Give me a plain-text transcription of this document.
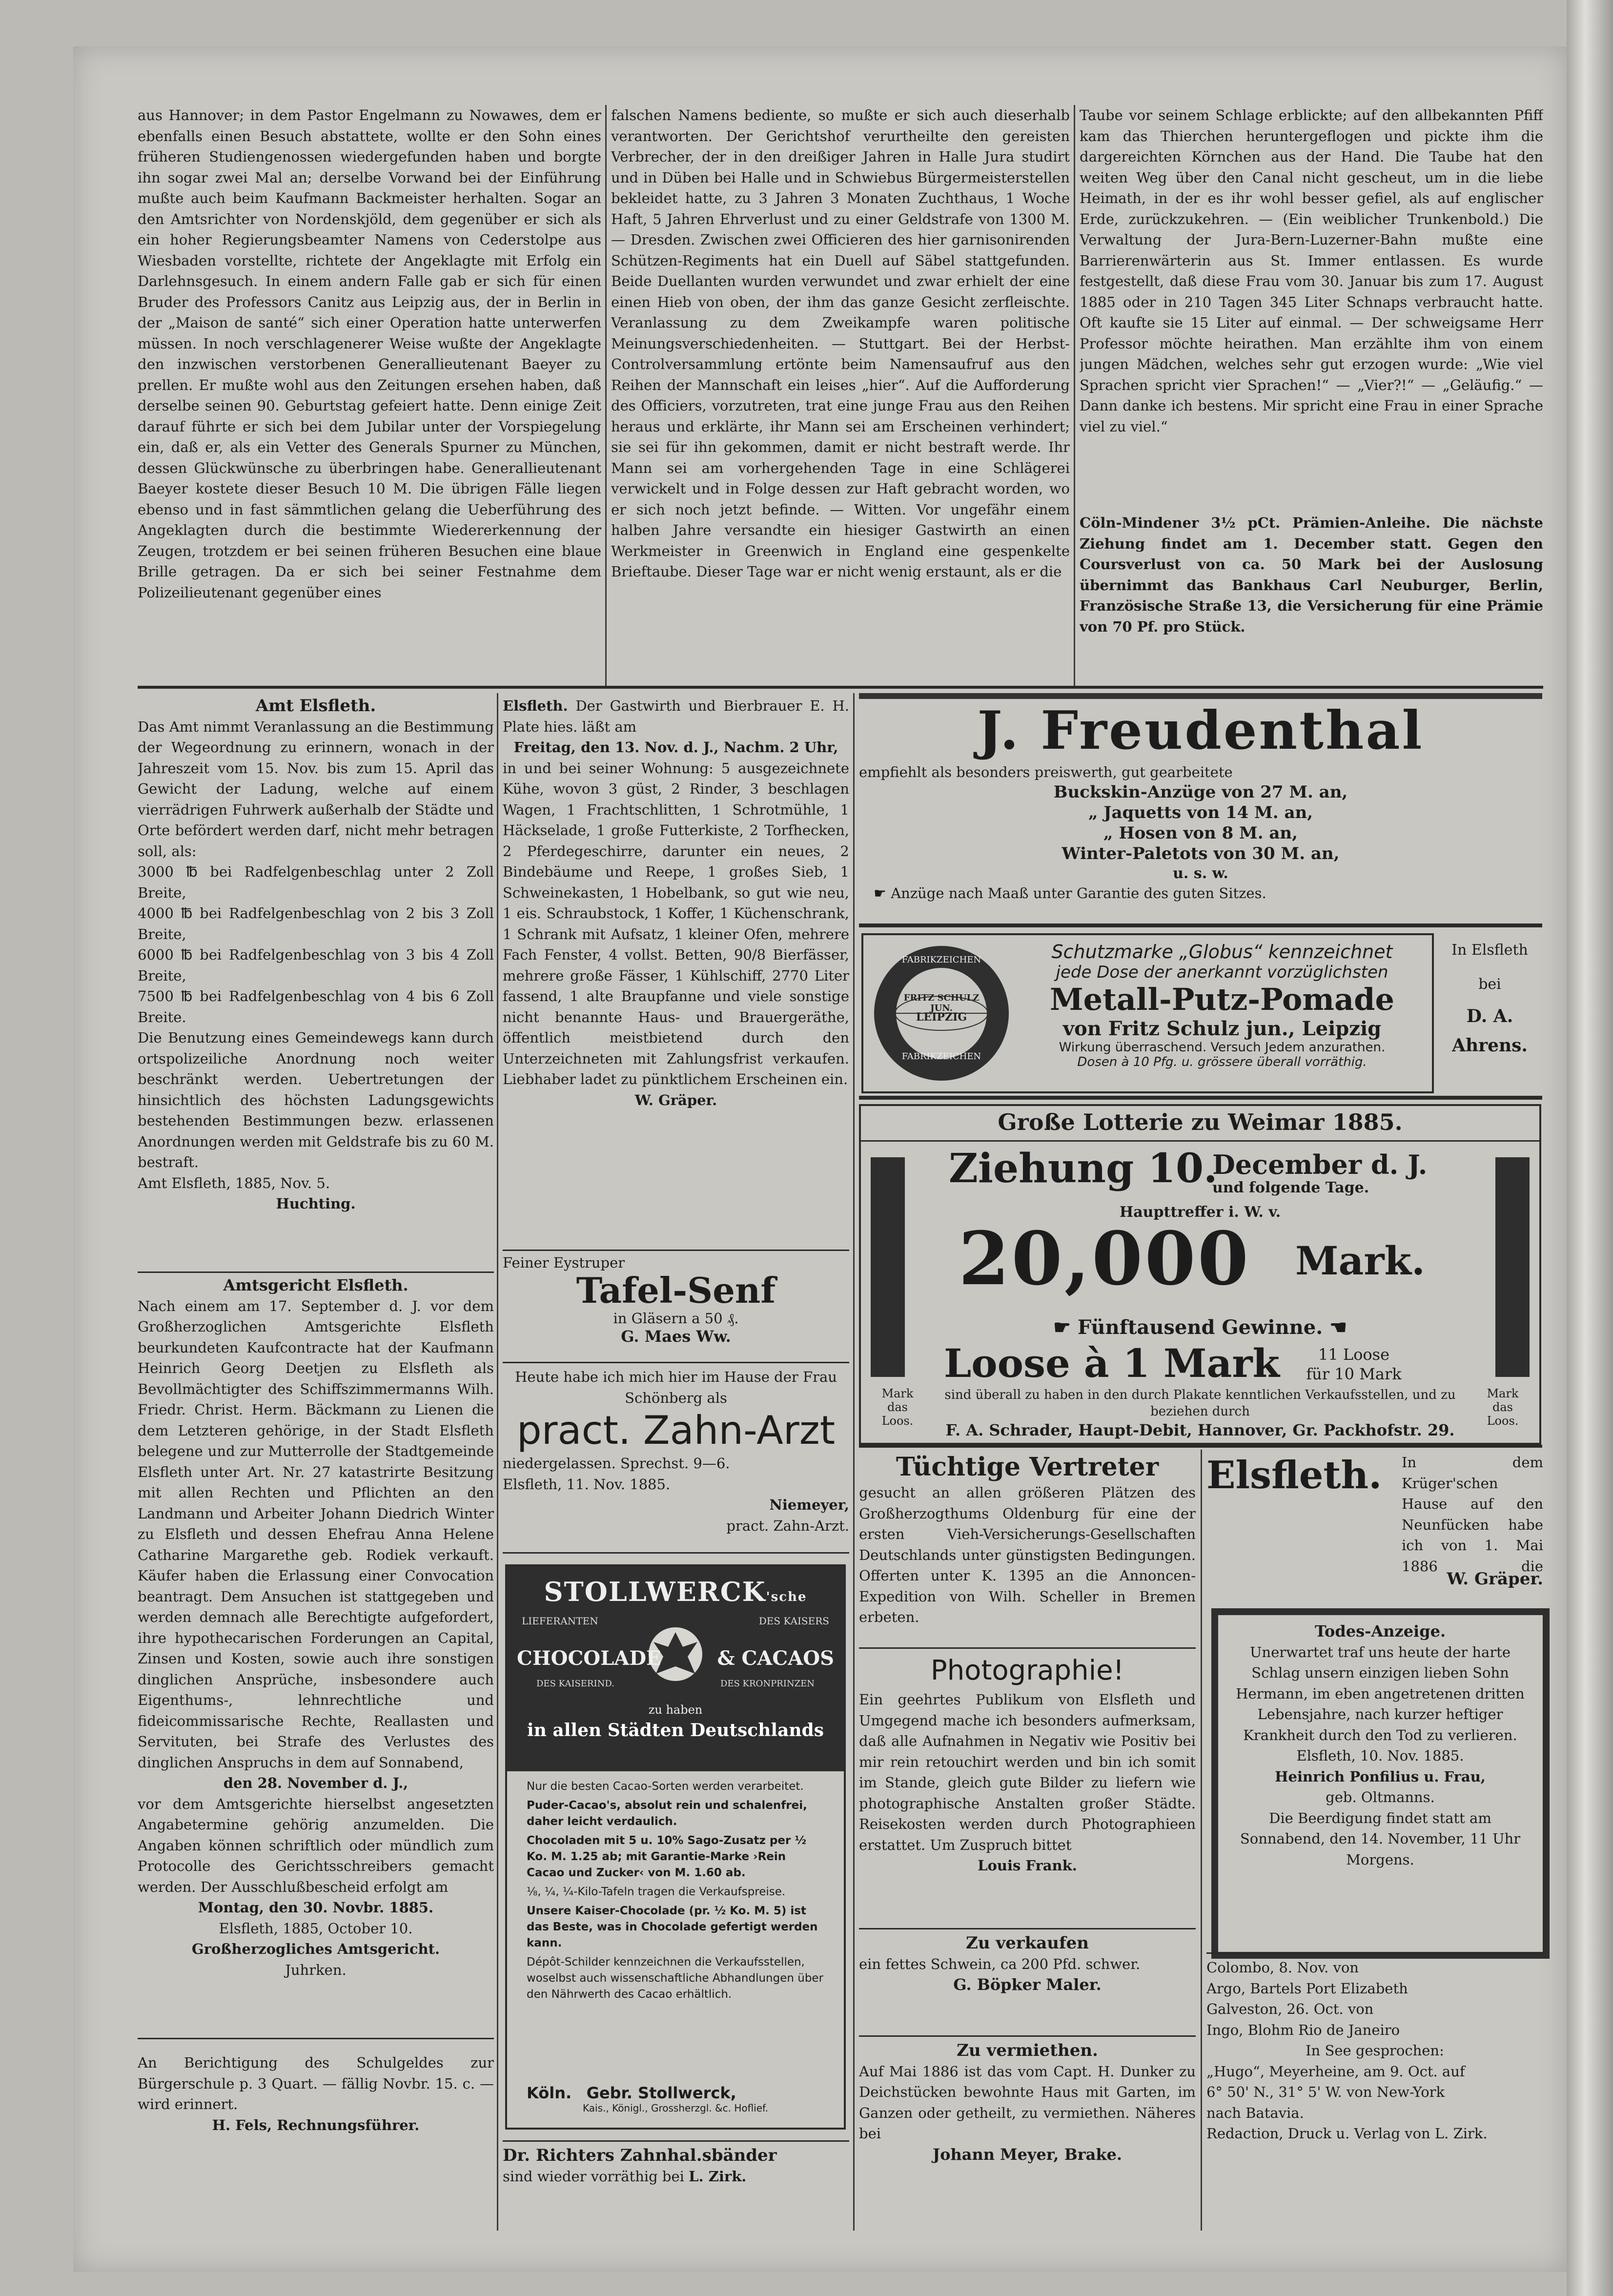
aus Hannover; in dem Pastor Engelmann zu Nowawes, dem er ebenfalls einen Besuch abstattete, wollte er den Sohn eines früheren Studiengenossen wiedergefunden haben und borgte ihn sogar zwei Mal an; derselbe Vorwand bei der Einführung mußte auch beim Kaufmann Backmeister herhalten. Sogar an den Amtsrichter von Nordenskjöld, dem gegenüber er sich als ein hoher Regierungsbeamter Namens von Cederstolpe aus Wiesbaden vorstellte, richtete der Angeklagte mit Erfolg ein Darlehnsgesuch. In einem andern Falle gab er sich für einen Bruder des Professors Canitz aus Leipzig aus, der in Berlin in der „Maison de santé“ sich einer Operation hatte unterwerfen müssen. In noch verschlagenerer Weise wußte der Angeklagte den inzwischen verstorbenen Generallieutenant Baeyer zu prellen. Er mußte wohl aus den Zeitungen ersehen haben, daß derselbe seinen 90. Geburtstag gefeiert hatte. Denn einige Zeit darauf führte er sich bei dem Jubilar unter der Vorspiegelung ein, daß er, als ein Vetter des Generals Spurner zu München, dessen Glückwünsche zu überbringen habe. Generallieutenant Baeyer kostete dieser Besuch 10 M. Die übrigen Fälle liegen ebenso und in fast sämmtlichen gelang die Ueberführung des Angeklagten durch die bestimmte Wiedererkennung der Zeugen, trotzdem er bei seinen früheren Besuchen eine blaue Brille getragen. Da er sich bei seiner Festnahme dem Polizeilieutenant gegenüber eines

falschen Namens bediente, so mußte er sich auch dieserhalb verantworten. Der Gerichtshof verurtheilte den gereisten Verbrecher, der in den dreißiger Jahren in Halle Jura studirt und in Düben bei Halle und in Schwiebus Bürgermeisterstellen bekleidet hatte, zu 3 Jahren 3 Monaten Zuchthaus, 1 Woche Haft, 5 Jahren Ehrverlust und zu einer Geldstrafe von 1300 M. — Dresden. Zwischen zwei Officieren des hier garnisonirenden Schützen-Regiments hat ein Duell auf Säbel stattgefunden. Beide Duellanten wurden verwundet und zwar erhielt der eine einen Hieb von oben, der ihm das ganze Gesicht zerfleischte. Veranlassung zu dem Zweikampfe waren politische Meinungsverschiedenheiten. — Stuttgart. Bei der Herbst-Controlversammlung ertönte beim Namensaufruf aus den Reihen der Mannschaft ein leises „hier“. Auf die Aufforderung des Officiers, vorzutreten, trat eine junge Frau aus den Reihen heraus und erklärte, ihr Mann sei am Erscheinen verhindert; sie sei für ihn gekommen, damit er nicht bestraft werde. Ihr Mann sei am vorhergehenden Tage in eine Schlägerei verwickelt und in Folge dessen zur Haft gebracht worden, wo er sich noch jetzt befinde. — Witten. Vor ungefähr einem halben Jahre versandte ein hiesiger Gastwirth an einen Werkmeister in Greenwich in England eine gespenkelte Brieftaube. Dieser Tage war er nicht wenig erstaunt, als er die

Taube vor seinem Schlage erblickte; auf den allbekannten Pfiff kam das Thierchen heruntergeflogen und pickte ihm die dargereichten Körnchen aus der Hand. Die Taube hat den weiten Weg über den Canal nicht gescheut, um in die liebe Heimath, in der es ihr wohl besser gefiel, als auf englischer Erde, zurückzukehren. — (Ein weiblicher Trunkenbold.) Die Verwaltung der Jura-Bern-Luzerner-Bahn mußte eine Barrierenwärterin aus St. Immer entlassen. Es wurde festgestellt, daß diese Frau vom 30. Januar bis zum 17. August 1885 oder in 210 Tagen 345 Liter Schnaps verbraucht hatte. Oft kaufte sie 15 Liter auf einmal. — Der schweigsame Herr Professor möchte heirathen. Man erzählte ihm von einem jungen Mädchen, welches sehr gut erzogen wurde: „Wie viel Sprachen spricht vier Sprachen!“ — „Vier?!“ — „Geläufig.“ — Dann danke ich bestens. Mir spricht eine Frau in einer Sprache viel zu viel.“

Cöln-Mindener 3½ pCt. Prämien-Anleihe. Die nächste Ziehung findet am 1. December statt. Gegen den Coursverlust von ca. 50 Mark bei der Auslosung übernimmt das Bankhaus Carl Neuburger, Berlin, Französische Straße 13, die Versicherung für eine Prämie von 70 Pf. pro Stück.

Amt Elsfleth.

Das Amt nimmt Veranlassung an die Bestimmung der Wegeordnung zu erinnern, wonach in der Jahreszeit vom 15. Nov. bis zum 15. April das Gewicht der Ladung, welche auf einem vierrädrigen Fuhrwerk außerhalb der Städte und Orte befördert werden darf, nicht mehr betragen soll, als:

3000 ℔ bei Radfelgenbeschlag unter 2 Zoll Breite,

4000 ℔ bei Radfelgenbeschlag von 2 bis 3 Zoll Breite,

6000 ℔ bei Radfelgenbeschlag von 3 bis 4 Zoll Breite,

7500 ℔ bei Radfelgenbeschlag von 4 bis 6 Zoll Breite.

Die Benutzung eines Gemeindewegs kann durch ortspolizeiliche Anordnung noch weiter beschränkt werden. Uebertretungen der hinsichtlich des höchsten Ladungsgewichts bestehenden Bestimmungen bezw. erlassenen Anordnungen werden mit Geldstrafe bis zu 60 M. bestraft.

Amt Elsfleth, 1885, Nov. 5.

Huchting.

Amtsgericht Elsfleth.

Nach einem am 17. September d. J. vor dem Großherzoglichen Amtsgerichte Elsfleth beurkundeten Kaufcontracte hat der Kaufmann Heinrich Georg Deetjen zu Elsfleth als Bevollmächtigter des Schiffszimmermanns Wilh. Friedr. Christ. Herm. Bäckmann zu Lienen die dem Letzteren gehörige, in der Stadt Elsfleth belegene und zur Mutterrolle der Stadtgemeinde Elsfleth unter Art. Nr. 27 katastrirte Besitzung mit allen Rechten und Pflichten an den Landmann und Arbeiter Johann Diedrich Winter zu Elsfleth und dessen Ehefrau Anna Helene Catharine Margarethe geb. Rodiek verkauft. Käufer haben die Erlassung einer Convocation beantragt. Dem Ansuchen ist stattgegeben und werden demnach alle Berechtigte aufgefordert, ihre hypothecarischen Forderungen an Capital, Zinsen und Kosten, sowie auch ihre sonstigen dinglichen Ansprüche, insbesondere auch Eigenthums-, lehnrechtliche und fideicommissarische Rechte, Reallasten und Servituten, bei Strafe des Verlustes des dinglichen Anspruchs in dem auf Sonnabend,

den 28. November d. J.,

vor dem Amtsgerichte hierselbst angesetzten Angabetermine gehörig anzumelden. Die Angaben können schriftlich oder mündlich zum Protocolle des Gerichtsschreibers gemacht werden. Der Ausschlußbescheid erfolgt am

Montag, den 30. Novbr. 1885.

Elsfleth, 1885, October 10.

Großherzogliches Amtsgericht.

Juhrken.

An Berichtigung des Schulgeldes zur Bürgerschule p. 3 Quart. — fällig Novbr. 15. c. — wird erinnert.

H. Fels, Rechnungsführer.

Elsfleth. Der Gastwirth und Bierbrauer E. H. Plate hies. läßt am

Freitag, den 13. Nov. d. J., Nachm. 2 Uhr,

in und bei seiner Wohnung: 5 ausgezeichnete Kühe, wovon 3 güst, 2 Rinder, 3 beschlagen Wagen, 1 Frachtschlitten, 1 Schrotmühle, 1 Häckselade, 1 große Futterkiste, 2 Torfhecken, 2 Pferdegeschirre, darunter ein neues, 2 Bindebäume und Reepe, 1 großes Sieb, 1 Schweinekasten, 1 Hobelbank, so gut wie neu, 1 eis. Schraubstock, 1 Koffer, 1 Küchenschrank, 1 Schrank mit Aufsatz, 1 kleiner Ofen, mehrere Fach Fenster, 4 vollst. Betten, 90/8 Bierfässer, mehrere große Fässer, 1 Kühlschiff, 2770 Liter fassend, 1 alte Braupfanne und viele sonstige nicht benannte Haus- und Brauergeräthe, öffentlich meistbietend durch den Unterzeichneten mit Zahlungsfrist verkaufen. Liebhaber ladet zu pünktlichem Erscheinen ein.

W. Gräper.

Feiner Eystruper
Tafel-Senf
in Gläsern a 50 ₰.
G. Maes Ww.
Heute habe ich mich hier im Hause der Frau Schönberg als
pract. Zahn-Arzt
niedergelassen. Sprechst. 9—6.
Elsfleth, 11. Nov. 1885.
Niemeyer,
pract. Zahn-Arzt.
STOLLWERCK'sche
LIEFERANTEN	DES KAISERS
CHOCOLADE	& CACAOS
DES KAISERIND.	DES KRONPRINZEN
zu haben
in allen Städten Deutschlands

Nur die besten Cacao-Sorten werden verarbeitet.

Puder-Cacao's, absolut rein und schalenfrei, daher leicht verdaulich.

Chocoladen mit 5 u. 10% Sago-Zusatz per ½ Ko. M. 1.25 ab; mit Garantie-Marke ›Rein Cacao und Zucker‹ von M. 1.60 ab.

⅛, ¼, ¼-Kilo-Tafeln tragen die Verkaufspreise.

Unsere Kaiser-Chocolade (pr. ½ Ko. M. 5) ist das Beste, was in Chocolade gefertigt werden kann.

Dépôt-Schilder kennzeichnen die Verkaufsstellen, woselbst auch wissenschaftliche Abhandlungen über den Nährwerth des Cacao erhältlich.

Köln. Gebr. Stollwerck,
Kais., Königl., Grossherzgl. &c. Hoflief.

Dr. Richters Zahnhal.sbänder

sind wieder vorräthig bei L. Zirk.

J. Freudenthal
empfiehlt als besonders preiswerth, gut gearbeitete
Buckskin-Anzüge von 27 M. an,
„ Jaquetts von 14 M. an,
„ Hosen von 8 M. an,
Winter-Paletots von 30 M. an,
u. s. w.
☛ Anzüge nach Maaß unter Garantie des guten Sitzes.
FABRIKZEICHEN
FRITZ SCHULZ JUN.
LEIPZIG
FABRIKZEICHEN
Schutzmarke „Globus“ kennzeichnet
jede Dose der anerkannt vorzüglichsten
Metall-Putz-Pomade
von Fritz Schulz jun., Leipzig
Wirkung überraschend. Versuch Jedem anzurathen.
Dosen à 10 Pfg. u. grössere überall vorräthig.
In Elsfleth
bei
D. A. Ahrens.
Große Lotterie zu Weimar 1885.
Ziehung 10.
December d. J.
und folgende Tage.
Haupttreffer i. W. v.
20,000 Mark.
☛ Fünftausend Gewinne. ☚
Loose à 1 Mark	11 Loose
für 10 Mark
Mark
das Loos.
Mark
das Loos.
sind überall zu haben in den durch Plakate kenntlichen Verkaufsstellen, und zu beziehen durch
F. A. Schrader, Haupt-Debit, Hannover, Gr. Packhofstr. 29.
Tüchtige Vertreter

gesucht an allen größeren Plätzen des Großherzogthums Oldenburg für eine der ersten Vieh-Versicherungs-Gesellschaften Deutschlands unter günstigsten Bedingungen. Offerten unter K. 1395 an die Annoncen-Expedition von Wilh. Scheller in Bremen erbeten.

Photographie!

Ein geehrtes Publikum von Elsfleth und Umgegend mache ich besonders aufmerksam, daß alle Aufnahmen in Negativ wie Positiv bei mir rein retouchirt werden und bin ich somit im Stande, gleich gute Bilder zu liefern wie photographische Anstalten großer Städte. Reisekosten werden durch Photographieen erstattet. Um Zuspruch bittet

Louis Frank.

Zu verkaufen

ein fettes Schwein, ca 200 Pfd. schwer.

G. Böpker Maler.

Zu vermiethen.

Auf Mai 1886 ist das vom Capt. H. Dunker zu Deichstücken bewohnte Haus mit Garten, im Ganzen oder getheilt, zu vermiethen. Näheres bei

Johann Meyer, Brake.

Elsfleth.	In dem Krüger'schen Hause auf den Neunfücken habe ich von 1. Mai 1886 die
W. Gräper.
Todes-Anzeige.

Unerwartet traf uns heute der harte Schlag unsern einzigen lieben Sohn Hermann, im eben angetretenen dritten Lebensjahre, nach kurzer heftiger Krankheit durch den Tod zu verlieren.

Elsfleth, 10. Nov. 1885.

Heinrich Ponfilius u. Frau,

geb. Oltmanns.

Die Beerdigung findet statt am Sonnabend, den 14. November, 11 Uhr Morgens.

Colombo, 8. Nov. von

Argo, Bartels Port Elizabeth

Galveston, 26. Oct. von

Ingo, Blohm Rio de Janeiro

In See gesprochen:

„Hugo“, Meyerheine, am 9. Oct. auf

6° 50' N., 31° 5' W. von New-York

nach Batavia.

Redaction, Druck u. Verlag von L. Zirk.
